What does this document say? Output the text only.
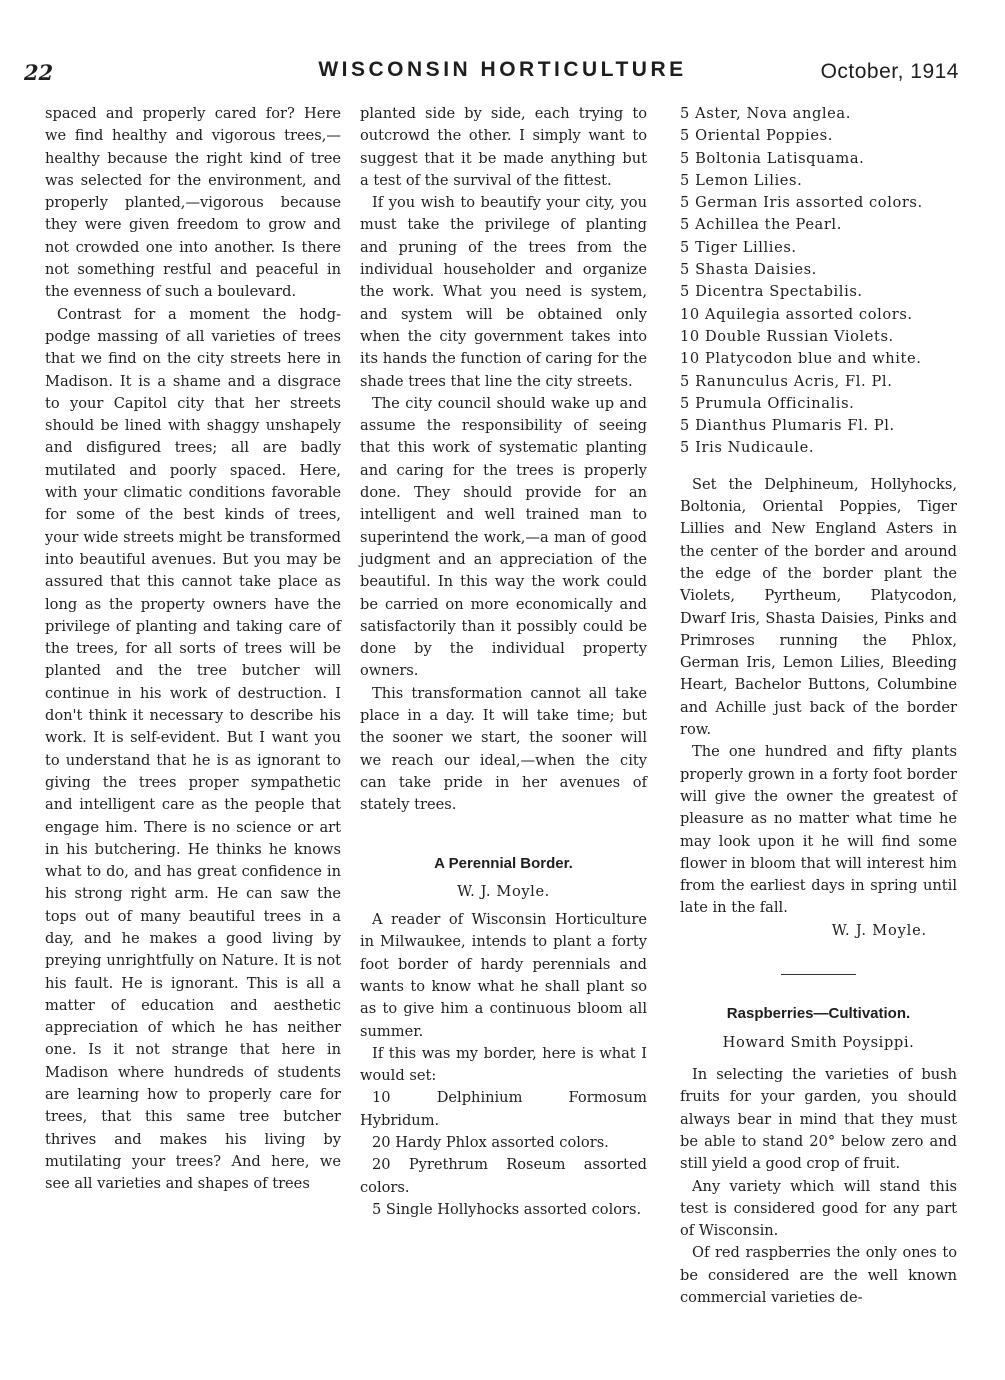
22	WISCONSIN HORTICULTURE	October, 1914

spaced and properly cared for? Here we find healthy and vigorous trees,—healthy because the right kind of tree was selected for the environment, and properly planted,—vigorous because they were given freedom to grow and not crowded one into another. Is there not something restful and peaceful in the evenness of such a boulevard.

Contrast for a moment the hodg-podge massing of all varieties of trees that we find on the city streets here in Madison. It is a shame and a disgrace to your Capitol city that her streets should be lined with shaggy unshapely and disfigured trees; all are badly mutilated and poorly spaced. Here, with your climatic conditions favorable for some of the best kinds of trees, your wide streets might be transformed into beautiful avenues. But you may be assured that this cannot take place as long as the property owners have the privilege of planting and taking care of the trees, for all sorts of trees will be planted and the tree butcher will continue in his work of destruction. I don't think it necessary to describe his work. It is self-evident. But I want you to understand that he is as ignorant to giving the trees proper sympathetic and intelligent care as the people that engage him. There is no science or art in his butchering. He thinks he knows what to do, and has great confidence in his strong right arm. He can saw the tops out of many beautiful trees in a day, and he makes a good living by preying unrightfully on Nature. It is not his fault. He is ignorant. This is all a matter of education and aesthetic appreciation of which he has neither one. Is it not strange that here in Madison where hundreds of students are learning how to properly care for trees, that this same tree butcher thrives and makes his living by mutilating your trees? And here, we see all varieties and shapes of trees

planted side by side, each trying to outcrowd the other. I simply want to suggest that it be made anything but a test of the survival of the fittest.

If you wish to beautify your city, you must take the privilege of planting and pruning of the trees from the individual householder and organize the work. What you need is system, and system will be obtained only when the city government takes into its hands the function of caring for the shade trees that line the city streets.

The city council should wake up and assume the responsibility of seeing that this work of systematic planting and caring for the trees is properly done. They should provide for an intelligent and well trained man to superintend the work,—a man of good judgment and an appreciation of the beautiful. In this way the work could be carried on more economically and satisfactorily than it possibly could be done by the individual property owners.

This transformation cannot all take place in a day. It will take time; but the sooner we start, the sooner will we reach our ideal,—when the city can take pride in her avenues of stately trees.

A Perennial Border.
W. J. Moyle.

A reader of Wisconsin Horticulture in Milwaukee, intends to plant a forty foot border of hardy perennials and wants to know what he shall plant so as to give him a continuous bloom all summer.

If this was my border, here is what I would set:

10 Delphinium Formosum Hybridum.

20 Hardy Phlox assorted colors.

20 Pyrethrum Roseum assorted colors.

5 Single Hollyhocks assorted colors.

5 Aster, Nova anglea.
5 Oriental Poppies.
5 Boltonia Latisquama.
5 Lemon Lilies.
5 German Iris assorted colors.
5 Achillea the Pearl.
5 Tiger Lillies.
5 Shasta Daisies.
5 Dicentra Spectabilis.
10 Aquilegia assorted colors.
10 Double Russian Violets.
10 Platycodon blue and white.
5 Ranunculus Acris, Fl. Pl.
5 Prumula Officinalis.
5 Dianthus Plumaris Fl. Pl.
5 Iris Nudicaule.

Set the Delphineum, Hollyhocks, Boltonia, Oriental Poppies, Tiger Lillies and New England Asters in the center of the border and around the edge of the border plant the Violets, Pyrtheum, Platycodon, Dwarf Iris, Shasta Daisies, Pinks and Primroses running the Phlox, German Iris, Lemon Lilies, Bleeding Heart, Bachelor Buttons, Columbine and Achille just back of the border row.

The one hundred and fifty plants properly grown in a forty foot border will give the owner the greatest of pleasure as no matter what time he may look upon it he will find some flower in bloom that will interest him from the earliest days in spring until late in the fall.

W. J. Moyle.
Raspberries—Cultivation.
Howard Smith Poysippi.

In selecting the varieties of bush fruits for your garden, you should always bear in mind that they must be able to stand 20° below zero and still yield a good crop of fruit.

Any variety which will stand this test is considered good for any part of Wisconsin.

Of red raspberries the only ones to be considered are the well known commercial varieties de-
